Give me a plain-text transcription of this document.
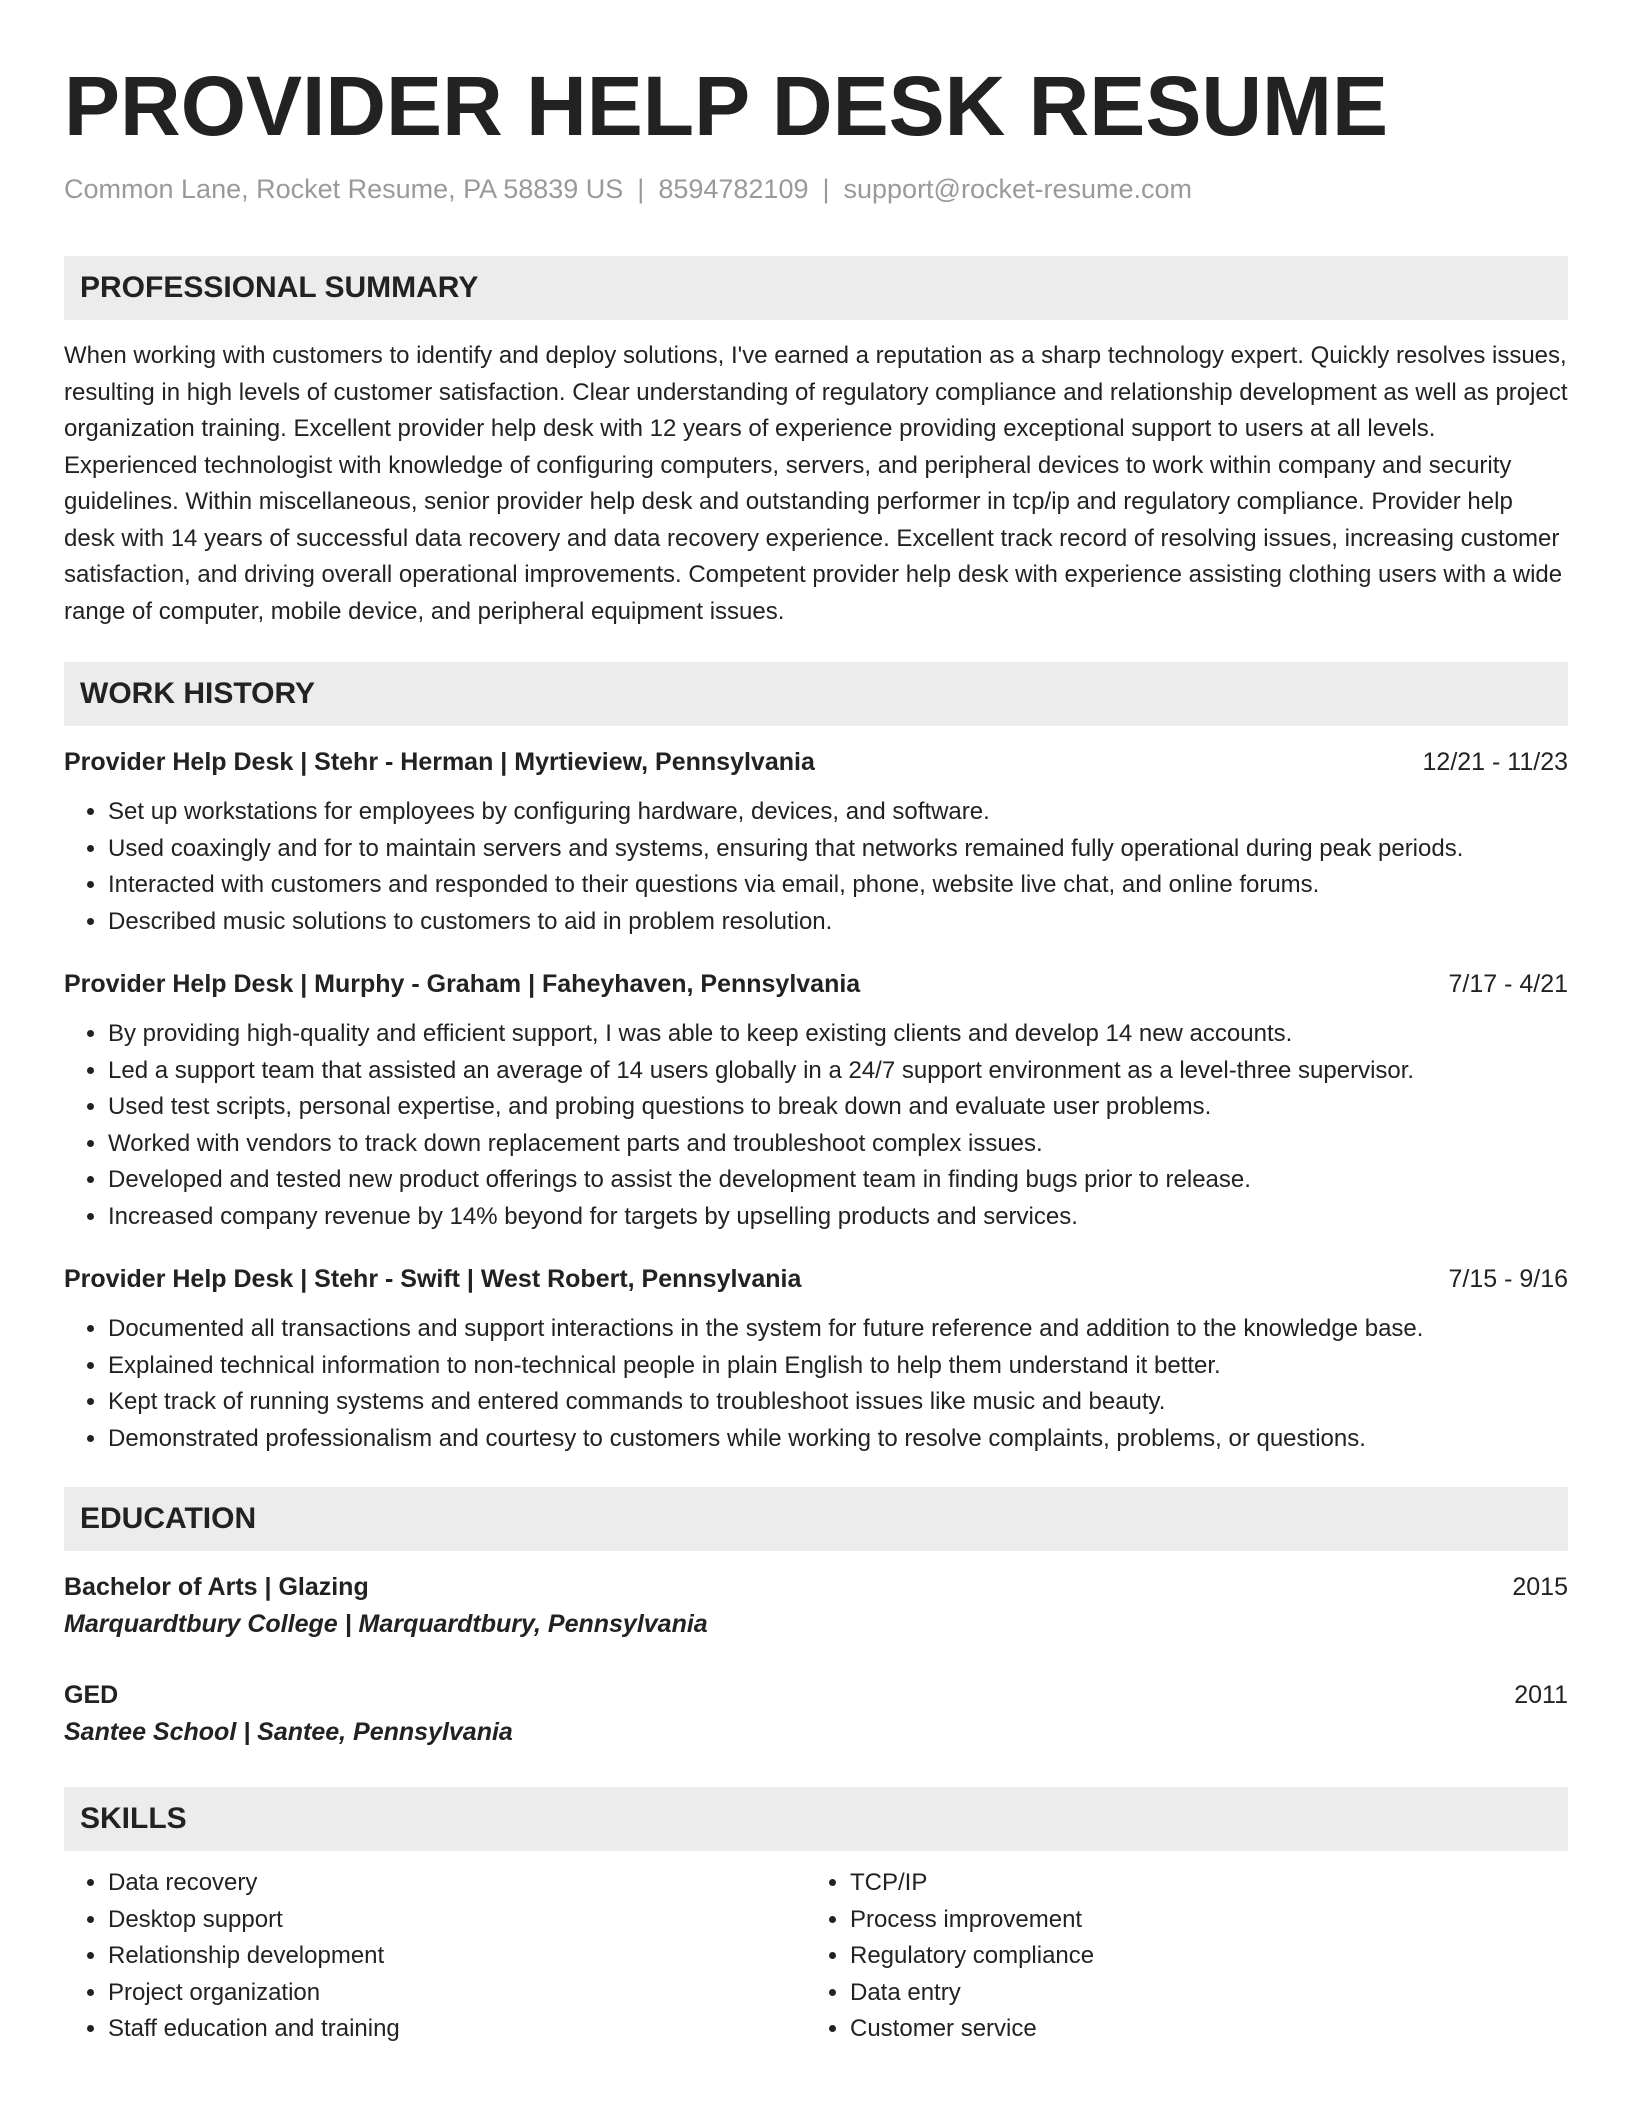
PROVIDER HELP DESK RESUME
Common Lane, Rocket Resume, PA 58839 US | 8594782109 | support@rocket-resume.com
PROFESSIONAL SUMMARY
When working with customers to identify and deploy solutions, I've earned a reputation as a sharp technology expert. Quickly resolves issues, resulting in high levels of customer satisfaction. Clear understanding of regulatory compliance and relationship development as well as project organization training. Excellent provider help desk with 12 years of experience providing exceptional support to users at all levels. Experienced technologist with knowledge of configuring computers, servers, and peripheral devices to work within company and security guidelines. Within miscellaneous, senior provider help desk and outstanding performer in tcp/ip and regulatory compliance. Provider help desk with 14 years of successful data recovery and data recovery experience. Excellent track record of resolving issues, increasing customer satisfaction, and driving overall operational improvements. Competent provider help desk with experience assisting clothing users with a wide range of computer, mobile device, and peripheral equipment issues.
WORK HISTORY
Provider Help Desk | Stehr - Herman | Myrtieview, Pennsylvania	12/21 - 11/23
• Set up workstations for employees by configuring hardware, devices, and software.
• Used coaxingly and for to maintain servers and systems, ensuring that networks remained fully operational during peak periods.
• Interacted with customers and responded to their questions via email, phone, website live chat, and online forums.
• Described music solutions to customers to aid in problem resolution.
Provider Help Desk | Murphy - Graham | Faheyhaven, Pennsylvania	7/17 - 4/21
• By providing high-quality and efficient support, I was able to keep existing clients and develop 14 new accounts.
• Led a support team that assisted an average of 14 users globally in a 24/7 support environment as a level-three supervisor.
• Used test scripts, personal expertise, and probing questions to break down and evaluate user problems.
• Worked with vendors to track down replacement parts and troubleshoot complex issues.
• Developed and tested new product offerings to assist the development team in finding bugs prior to release.
• Increased company revenue by 14% beyond for targets by upselling products and services.
Provider Help Desk | Stehr - Swift | West Robert, Pennsylvania	7/15 - 9/16
• Documented all transactions and support interactions in the system for future reference and addition to the knowledge base.
• Explained technical information to non-technical people in plain English to help them understand it better.
• Kept track of running systems and entered commands to troubleshoot issues like music and beauty.
• Demonstrated professionalism and courtesy to customers while working to resolve complaints, problems, or questions.
EDUCATION
Bachelor of Arts | Glazing	2015
Marquardtbury College | Marquardtbury, Pennsylvania
GED	2011
Santee School | Santee, Pennsylvania
SKILLS
• Data recovery
• Desktop support
• Relationship development
• Project organization
• Staff education and training
• TCP/IP
• Process improvement
• Regulatory compliance
• Data entry
• Customer service
